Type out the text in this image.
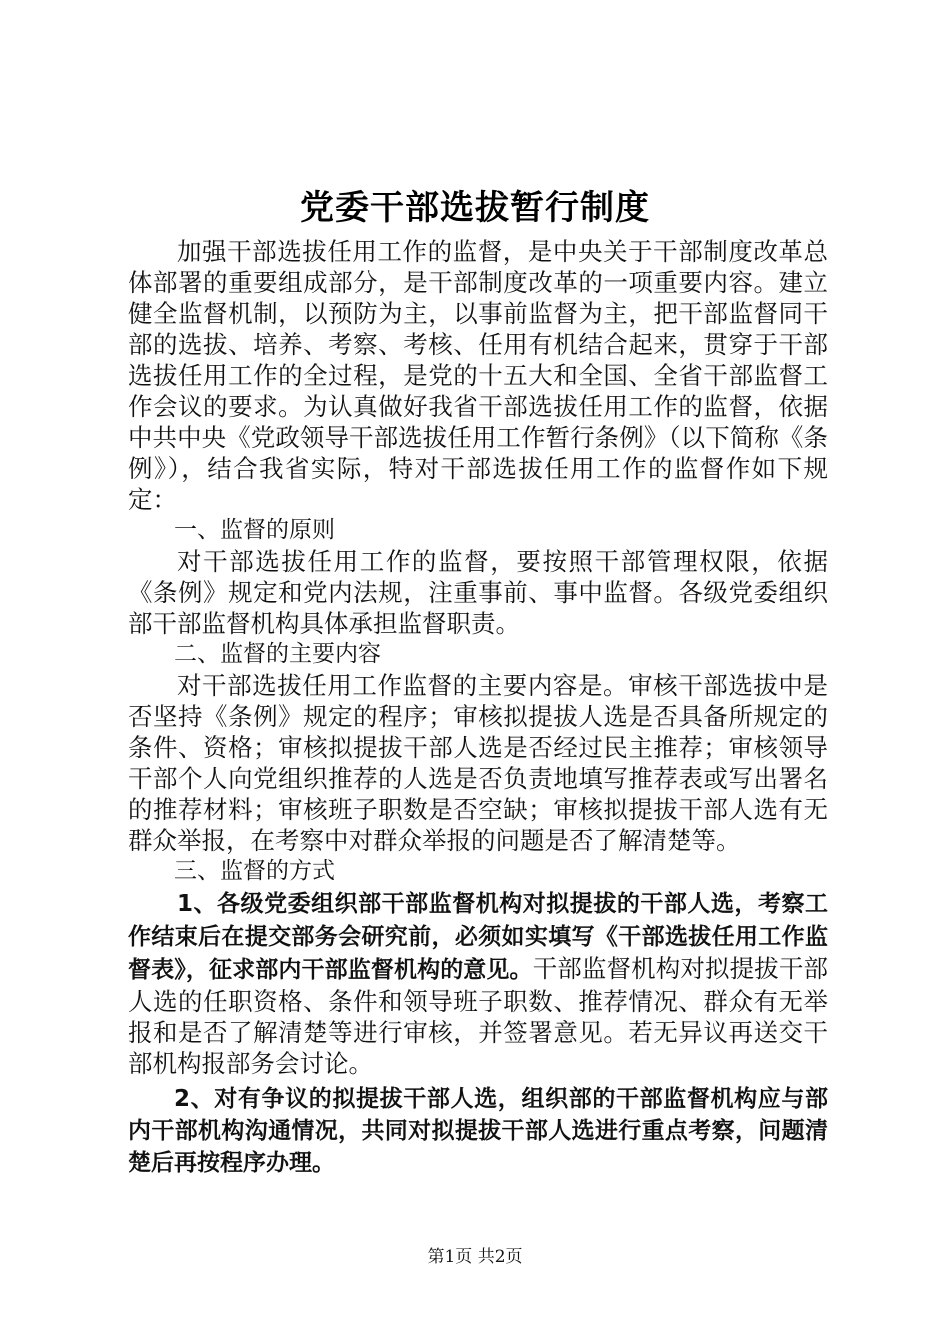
党委干部选拔暂行制度

加强干部选拔任用工作的监督，是中央关于干部制度改革总体部署的重要组成部分，是干部制度改革的一项重要内容。建立健全监督机制，以预防为主，以事前监督为主，把干部监督同干部的选拔、培养、考察、考核、任用有机结合起来，贯穿于干部选拔任用工作的全过程，是党的十五大和全国、全省干部监督工作会议的要求。为认真做好我省干部选拔任用工作的监督，依据中共中央《党政领导干部选拔任用工作暂行条例》（以下简称《条例》），结合我省实际，特对干部选拔任用工作的监督作如下规定：

一、监督的原则

对干部选拔任用工作的监督，要按照干部管理权限，依据《条例》规定和党内法规，注重事前、事中监督。各级党委组织部干部监督机构具体承担监督职责。

二、监督的主要内容

对干部选拔任用工作监督的主要内容是。审核干部选拔中是否坚持《条例》规定的程序；审核拟提拔人选是否具备所规定的条件、资格；审核拟提拔干部人选是否经过民主推荐；审核领导干部个人向党组织推荐的人选是否负责地填写推荐表或写出署名的推荐材料；审核班子职数是否空缺；审核拟提拔干部人选有无群众举报，在考察中对群众举报的问题是否了解清楚等。

三、监督的方式

1、各级党委组织部干部监督机构对拟提拔的干部人选，考察工作结束后在提交部务会研究前，必须如实填写《干部选拔任用工作监督表》，征求部内干部监督机构的意见。干部监督机构对拟提拔干部人选的任职资格、条件和领导班子职数、推荐情况、群众有无举报和是否了解清楚等进行审核，并签署意见。若无异议再送交干部机构报部务会讨论。

2、对有争议的拟提拔干部人选，组织部的干部监督机构应与部内干部机构沟通情况，共同对拟提拔干部人选进行重点考察，问题清楚后再按程序办理。

第1页 共2页
